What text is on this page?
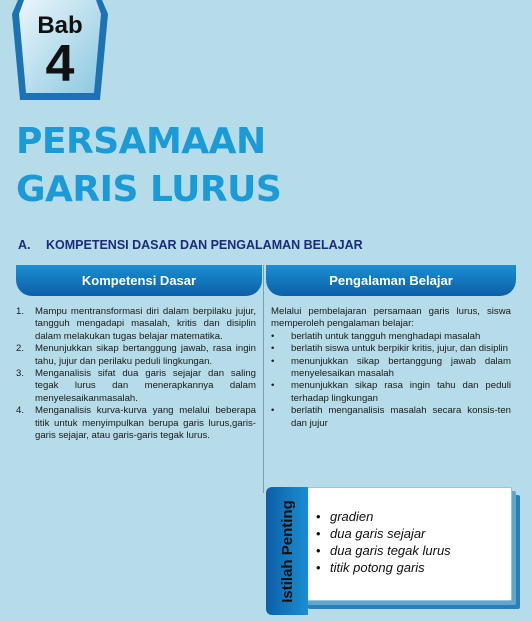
Bab
4
PERSAMAAN
GARIS LURUS
A. KOMPETENSI DASAR DAN PENGALAMAN BELAJAR
Kompetensi Dasar	Pengalaman Belajar
1.	Mampu mentransformasi diri dalam berpilaku jujur, tangguh mengadapi masalah, kritis dan disiplin dalam melakukan tugas belajar matematika.
2.	Menunjukkan sikap bertanggung jawab, rasa ingin tahu, jujur dan perilaku peduli lingkungan.
3.	Menganalisis sifat dua garis sejajar dan saling tegak lurus dan menerapkannya dalam menyelesaikanmasalah.
4.	Menganalisis kurva-kurva yang melalui beberapa titik untuk menyimpulkan berupa garis lurus,garis-garis sejajar, atau garis-garis tegak lurus.
Melalui pembelajaran persamaan garis lurus, siswa memperoleh pengalaman belajar:
•	berlatih untuk tangguh menghadapi masalah
•	berlatih siswa untuk berpikir kritis, jujur, dan disiplin
•	menunjukkan sikap bertanggung jawab dalam menyelesaikan masalah
•	menunjukkan sikap rasa ingin tahu dan peduli terhadap lingkungan
•	berlatih menganalisis masalah secara konsis-ten dan jujur
Istilah Penting • gradien
• dua garis sejajar
• dua garis tegak lurus
• titik potong garis
